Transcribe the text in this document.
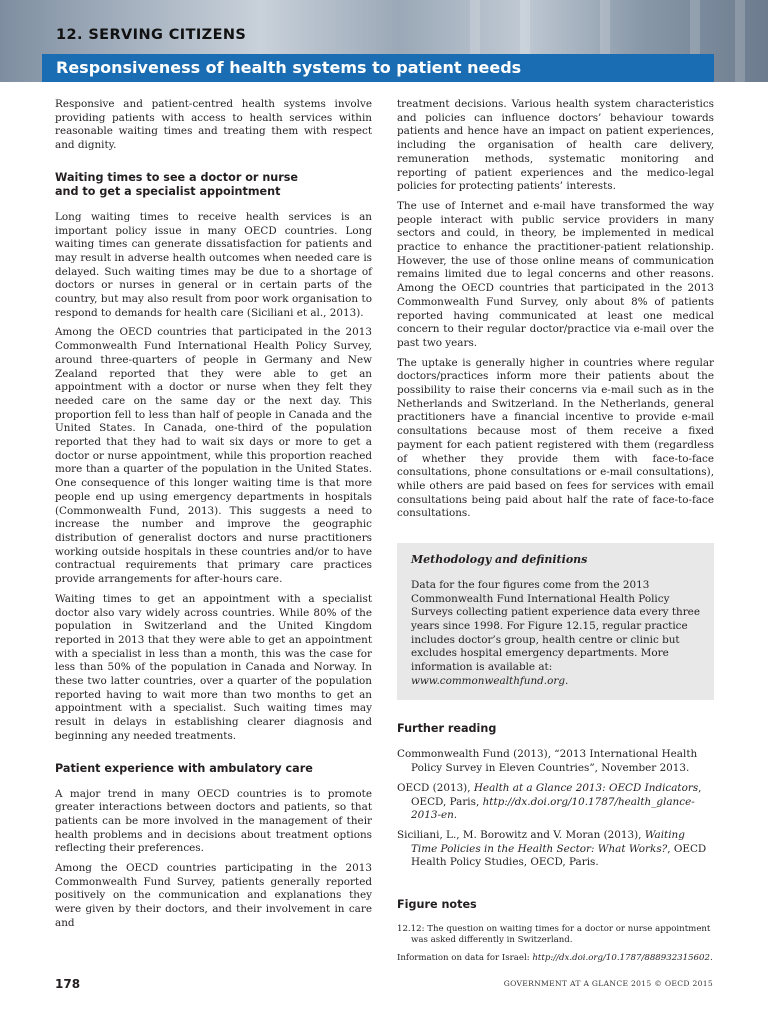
12. SERVING CITIZENS
Responsiveness of health systems to patient needs

Responsive and patient-centred health systems involve providing patients with access to health services within reasonable waiting times and treating them with respect and dignity.

Waiting times to see a doctor or nurse
and to get a specialist appointment

Long waiting times to receive health services is an important policy issue in many OECD countries. Long waiting times can generate dissatisfaction for patients and may result in adverse health outcomes when needed care is delayed. Such waiting times may be due to a shortage of doctors or nurses in general or in certain parts of the country, but may also result from poor work organisation to respond to demands for health care (Siciliani et al., 2013).

Among the OECD countries that participated in the 2013 Commonwealth Fund International Health Policy Survey, around three-quarters of people in Germany and New Zealand reported that they were able to get an appointment with a doctor or nurse when they felt they needed care on the same day or the next day. This proportion fell to less than half of people in Canada and the United States. In Canada, one-third of the population reported that they had to wait six days or more to get a doctor or nurse appointment, while this proportion reached more than a quarter of the population in the United States. One consequence of this longer waiting time is that more people end up using emergency departments in hospitals (Commonwealth Fund, 2013). This suggests a need to increase the number and improve the geographic distribution of generalist doctors and nurse practitioners working outside hospitals in these countries and/or to have contractual requirements that primary care practices provide arrangements for after-hours care.

Waiting times to get an appointment with a specialist doctor also vary widely across countries. While 80% of the population in Switzerland and the United Kingdom reported in 2013 that they were able to get an appointment with a specialist in less than a month, this was the case for less than 50% of the population in Canada and Norway. In these two latter countries, over a quarter of the population reported having to wait more than two months to get an appointment with a specialist. Such waiting times may result in delays in establishing clearer diagnosis and beginning any needed treatments.

Patient experience with ambulatory care

A major trend in many OECD countries is to promote greater interactions between doctors and patients, so that patients can be more involved in the management of their health problems and in decisions about treatment options reflecting their preferences.

Among the OECD countries participating in the 2013 Commonwealth Fund Survey, patients generally reported positively on the communication and explanations they were given by their doctors, and their involvement in care and

treatment decisions. Various health system characteristics and policies can influence doctors’ behaviour towards patients and hence have an impact on patient experiences, including the organisation of health care delivery, remuneration methods, systematic monitoring and reporting of patient experiences and the medico-legal policies for protecting patients’ interests.

The use of Internet and e-mail have transformed the way people interact with public service providers in many sectors and could, in theory, be implemented in medical practice to enhance the practitioner-patient relationship. However, the use of those online means of communication remains limited due to legal concerns and other reasons. Among the OECD countries that participated in the 2013 Commonwealth Fund Survey, only about 8% of patients reported having communicated at least one medical concern to their regular doctor/practice via e-mail over the past two years.

The uptake is generally higher in countries where regular doctors/practices inform more their patients about the possibility to raise their concerns via e-mail such as in the Netherlands and Switzerland. In the Netherlands, general practitioners have a financial incentive to provide e-mail consultations because most of them receive a fixed payment for each patient registered with them (regardless of whether they provide them with face-to-face consultations, phone consultations or e-mail consultations), while others are paid based on fees for services with email consultations being paid about half the rate of face-to-face consultations.

Methodology and definitions

Data for the four figures come from the 2013 Commonwealth Fund International Health Policy Surveys collecting patient experience data every three years since 1998. For Figure 12.15, regular practice includes doctor’s group, health centre or clinic but excludes hospital emergency departments. More information is available at: www.commonwealthfund.org.

Further reading

Commonwealth Fund (2013), “2013 International Health Policy Survey in Eleven Countries”, November 2013.

OECD (2013), Health at a Glance 2013: OECD Indicators, OECD, Paris, http://dx.doi.org/10.1787/health_glance-2013-en.

Siciliani, L., M. Borowitz and V. Moran (2013), Waiting Time Policies in the Health Sector: What Works?, OECD Health Policy Studies, OECD, Paris.

Figure notes

12.12: The question on waiting times for a doctor or nurse appointment was asked differently in Switzerland.

Information on data for Israel: http://dx.doi.org/10.1787/888932315602.

178	GOVERNMENT AT A GLANCE 2015 © OECD 2015
